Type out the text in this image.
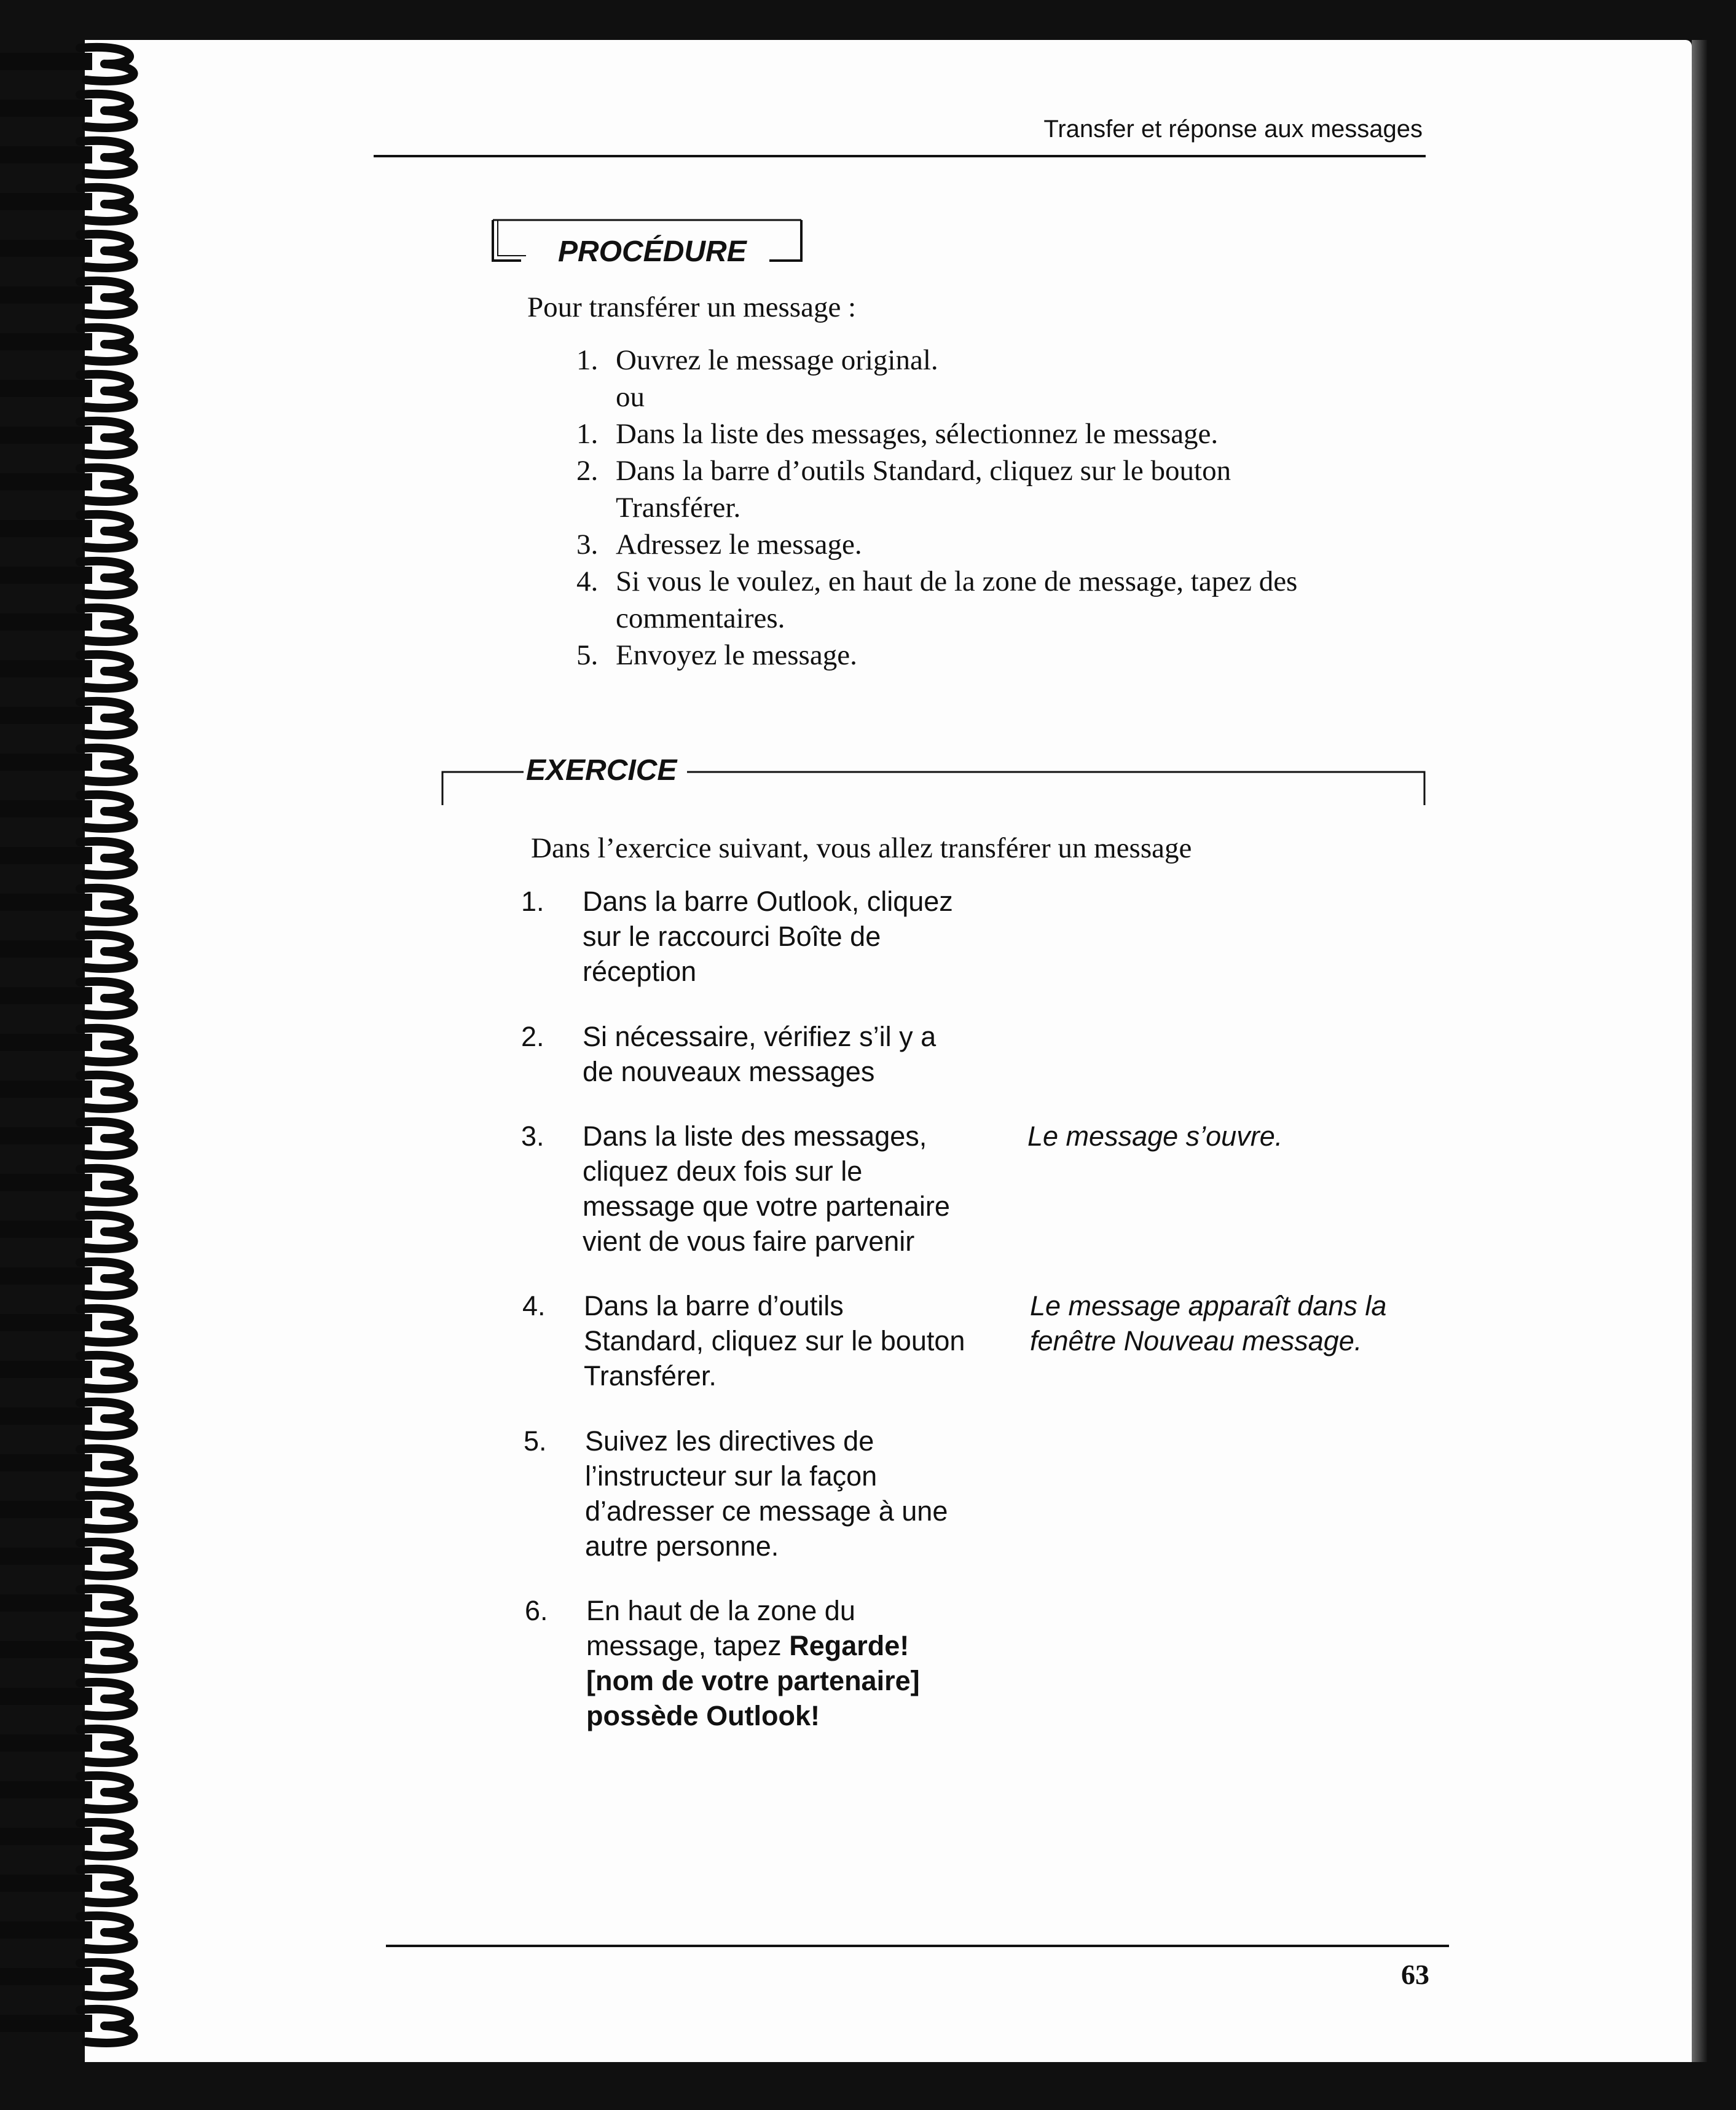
Transfer et réponse aux messages
PROCÉDURE
Pour transférer un message :
1. Ouvrez le message original.
ou
1. Dans la liste des messages, sélectionnez le message.
2. Dans la barre d’outils Standard, cliquez sur le bouton
Transférer.
3. Adressez le message.
4. Si vous le voulez, en haut de la zone de message, tapez des
commentaires.
5. Envoyez le message.
EXERCICE
Dans l’exercice suivant, vous allez transférer un message
1. Dans la barre Outlook, cliquez
sur le raccourci Boîte de
réception
2. Si nécessaire, vérifiez s’il y a
de nouveaux messages
3. Dans la liste des messages,
cliquez deux fois sur le
message que votre partenaire
vient de vous faire parvenir
Le message s’ouvre.
4. Dans la barre d’outils
Standard, cliquez sur le bouton
Transférer.
Le message apparaît dans la
fenêtre Nouveau message.
5. Suivez les directives de
l’instructeur sur la façon
d’adresser ce message à une
autre personne.
6. En haut de la zone du
message, tapez Regarde!
[nom de votre partenaire]
possède Outlook!
63
